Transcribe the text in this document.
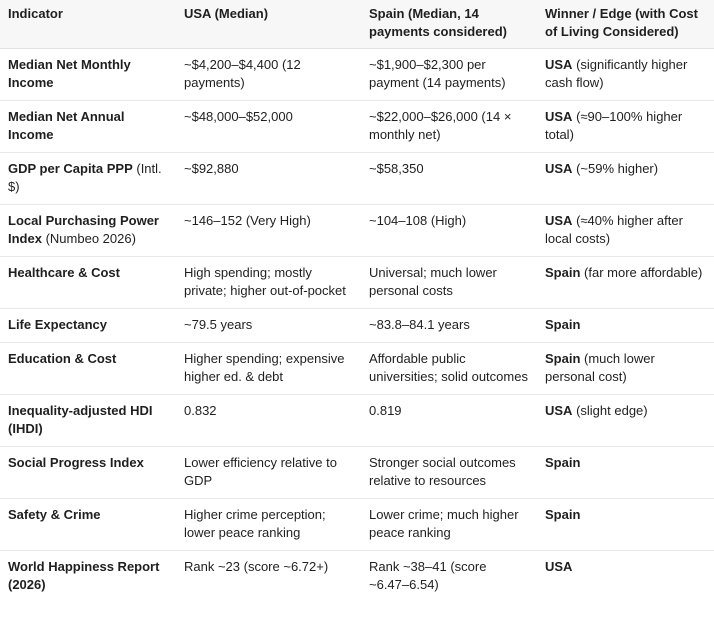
Indicator	USA (Median)	Spain (Median, 14 payments considered)	Winner / Edge (with Cost of Living Considered)
Median Net Monthly Income	~$4,200–$4,400 (12 payments)	~$1,900–$2,300 per payment (14 payments)	USA (significantly higher cash flow)
Median Net Annual Income	~$48,000–$52,000	~$22,000–$26,000 (14 × monthly net)	USA (≈90–100% higher total)
GDP per Capita PPP (Intl. $)	~$92,880	~$58,350	USA (~59% higher)
Local Purchasing Power Index (Numbeo 2026)	~146–152 (Very High)	~104–108 (High)	USA (≈40% higher after local costs)
Healthcare & Cost	High spending; mostly private; higher out-of-pocket	Universal; much lower personal costs	Spain (far more affordable)
Life Expectancy	~79.5 years	~83.8–84.1 years	Spain
Education & Cost	Higher spending; expensive higher ed. & debt	Affordable public universities; solid outcomes	Spain (much lower personal cost)
Inequality-adjusted HDI (IHDI)	0.832	0.819	USA (slight edge)
Social Progress Index	Lower efficiency relative to GDP	Stronger social outcomes relative to resources	Spain
Safety & Crime	Higher crime perception; lower peace ranking	Lower crime; much higher peace ranking	Spain
World Happiness Report (2026)	Rank ~23 (score ~6.72+)	Rank ~38–41 (score ~6.47–6.54)	USA
